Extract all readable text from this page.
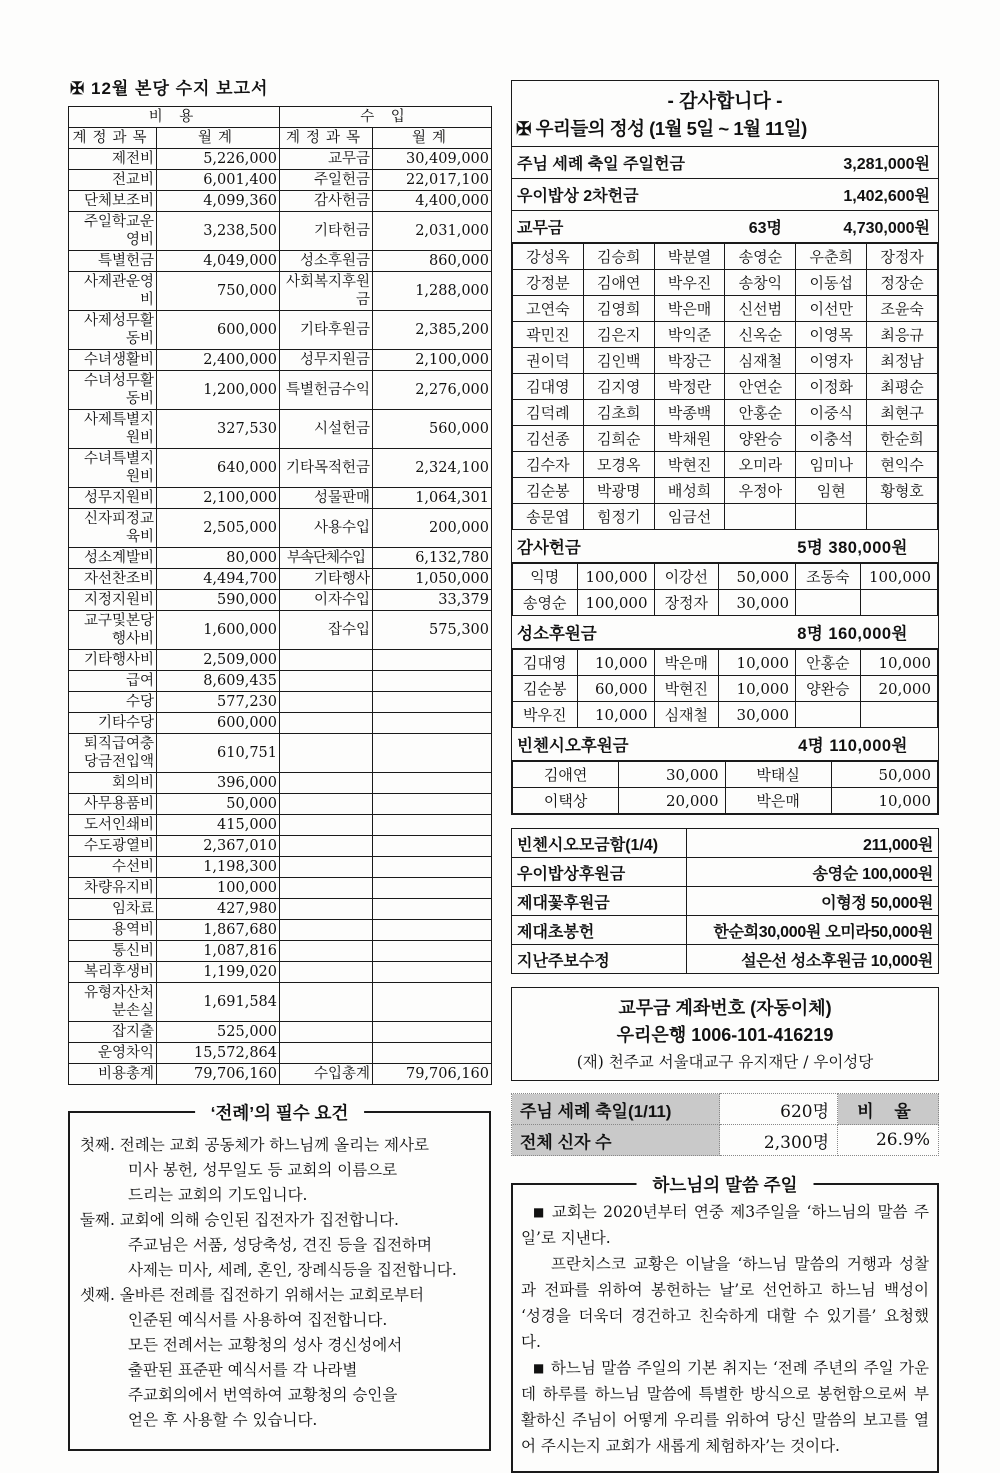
✠ 12월 본당 수지 보고서
비 용		수 입	
계정과목	월계	계정과목	월계
제전비	5,226,000	교무금	30,409,000
전교비	6,001,400	주일헌금	22,017,100
단체보조비	4,099,360	감사헌금	4,400,000
주일학교운영비	3,238,500	기타헌금	2,031,000
특별헌금	4,049,000	성소후원금	860,000
사제관운영비	750,000	사회복지후원금	1,288,000
사제성무활동비	600,000	기타후원금	2,385,200
수녀생활비	2,400,000	성무지원금	2,100,000
수녀성무활동비	1,200,000	특별헌금수익	2,276,000
사제특별지원비	327,530	시설헌금	560,000
수녀특별지원비	640,000	기타목적헌금	2,324,100
성무지원비	2,100,000	성물판매	1,064,301
신자피정교육비	2,505,000	사용수입	200,000
성소계발비	80,000	부속단체수입	6,132,780
자선찬조비	4,494,700	기타행사	1,050,000
지정지원비	590,000	이자수입	33,379
교구및본당행사비	1,600,000	잡수입	575,300
기타행사비	2,509,000		
급여	8,609,435		
수당	577,230		
기타수당	600,000		
퇴직급여충당금전입액	610,751		
회의비	396,000		
사무용품비	50,000		
도서인쇄비	415,000		
수도광열비	2,367,010		
수선비	1,198,300		
차량유지비	100,000		
임차료	427,980		
용역비	1,867,680		
통신비	1,087,816		
복리후생비	1,199,020		
유형자산처분손실	1,691,584		
잡지출	525,000		
운영차익	15,572,864		
비용총계	79,706,160	수입총계	79,706,160
‘전례’의 필수 요건
첫째. 전례는 교회 공동체가 하느님께 올리는 제사로
미사 봉헌, 성무일도 등 교회의 이름으로
드리는 교회의 기도입니다.
둘째. 교회에 의해 승인된 집전자가 집전합니다.
주교님은 서품, 성당축성, 견진 등을 집전하며
사제는 미사, 세례, 혼인, 장례식등을 집전합니다.
셋째. 올바른 전례를 집전하기 위해서는 교회로부터
인준된 예식서를 사용하여 집전합니다.
모든 전례서는 교황청의 성사 경신성에서
출판된 표준판 예식서를 각 나라별
주교회의에서 번역하여 교황청의 승인을
얻은 후 사용할 수 있습니다.
- 감사합니다 -
✠ 우리들의 정성 (1월 5일 ~ 1월 11일)
주님 세례 축일 주일헌금
	3,281,000원
우이밥상 2차헌금
	1,402,600원
교무금	63명	4,730,000원
강성옥	김승희	박분열	송영순	우춘희	장정자
강정분	김애연	박우진	송창익	이동섭	정장순
고연숙	김영희	박은매	신선범	이선만	조윤숙
곽민진	김은지	박익준	신옥순	이영목	최응규
권이덕	김인백	박장근	심재철	이영자	최정남
김대영	김지영	박정란	안연순	이정화	최평순
김덕례	김초희	박종백	안홍순	이중식	최현구
김선종	김희순	박채원	양완승	이충석	한순희
김수자	모경옥	박현진	오미라	임미나	현익수
김순봉	박광명	배성희	우정아	임현	황형호
송문엽	힘정기	임금선			
감사헌금	5명 380,000원
익명	100,000	이강선	50,000	조동숙	100,000
송영순	100,000	장정자	30,000		
성소후원금	8명 160,000원
김대영	10,000	박은매	10,000	안홍순	10,000
김순봉	60,000	박현진	10,000	양완승	20,000
박우진	10,000	심재철	30,000		
빈첸시오후원금	4명 110,000원
김애연	30,000	박태실	50,000
이택상	20,000	박은매	10,000
빈첸시오모금함(1/4)	211,000원
우이밥상후원금	송영순 100,000원
제대꽃후원금	이형정 50,000원
제대초봉헌	한순희30,000원 오미라50,000원
지난주보수정	설은선 성소후원금 10,000원
교무금 계좌번호 (자동이체)
우리은행 1006-101-416219
(재) 천주교 서울대교구 유지재단 / 우이성당
주님 세례 축일(1/11)	620명	비 율
전체 신자 수	2,300명	26.9%
하느님의 말씀 주일
■ 교회는 2020년부터 연중 제3주일을 ‘하느님의 말씀 주일’로 지낸다.
프란치스코 교황은 이날을 ‘하느님 말씀의 거행과 성찰과 전파를 위하여 봉헌하는 날’로 선언하고 하느님 백성이 ‘성경을 더욱더 경건하고 친숙하게 대할 수 있기를’ 요청했다.
■ 하느님 말씀 주일의 기본 취지는 ‘전례 주년의 주일 가운데 하루를 하느님 말씀에 특별한 방식으로 봉헌함으로써 부활하신 주님이 어떻게 우리를 위하여 당신 말씀의 보고를 열어 주시는지 교회가 새롭게 체험하자’는 것이다.
